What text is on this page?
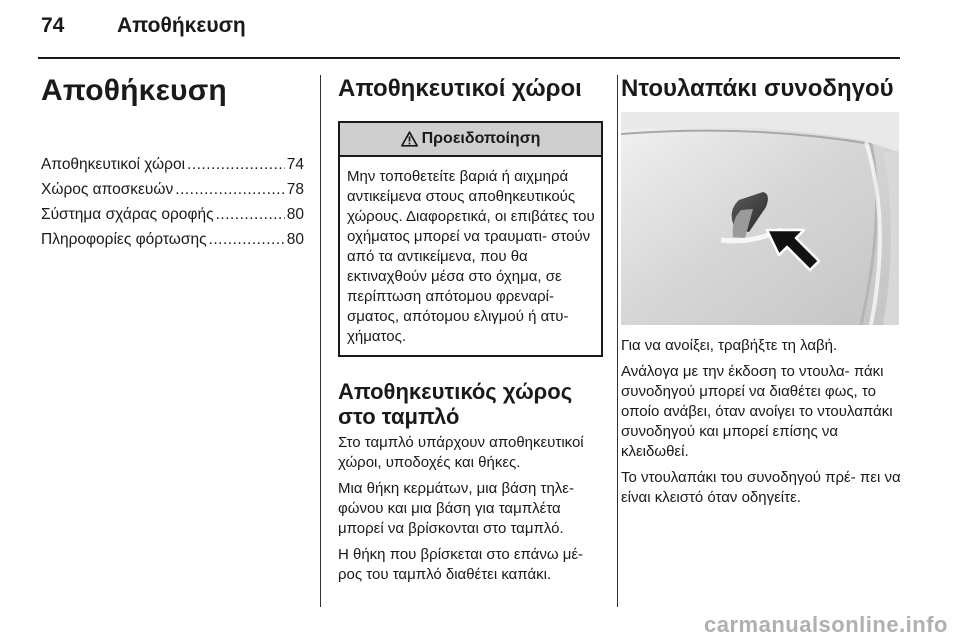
74	Αποθήκευση
Αποθήκευση
Αποθηκευτικοί χώροι .....	74
Χώρος αποσκευών .....	78
Σύστημα σχάρας οροφής .....	80
Πληροφορίες φόρτωσης .....	80
Αποθηκευτικοί χώροι
Προειδοποίηση
Μην τοποθετείτε βαριά ή αιχμηρά αντικείμενα στους αποθηκευτικούς χώρους. Διαφορετικά, οι επιβάτες του οχήματος μπορεί να τραυματι- στούν από τα αντικείμενα, που θα εκτιναχθούν μέσα στο όχημα, σε περίπτωση απότομου φρεναρί- σματος, απότομου ελιγμού ή ατυ- χήματος.
Αποθηκευτικός χώρος στο ταμπλό

Στο ταμπλό υπάρχουν αποθηκευτικοί χώροι, υποδοχές και θήκες.

Μια θήκη κερμάτων, μια βάση τηλε- φώνου και μια βάση για ταμπλέτα μπορεί να βρίσκονται στο ταμπλό.

Η θήκη που βρίσκεται στο επάνω μέ- ρος του ταμπλό διαθέτει καπάκι.

Ντουλαπάκι συνοδηγού

Για να ανοίξει, τραβήξτε τη λαβή.

Ανάλογα με την έκδοση το ντουλα- πάκι συνοδηγού μπορεί να διαθέτει φως, το οποίο ανάβει, όταν ανοίγει το ντουλαπάκι συνοδηγού και μπορεί επίσης να κλειδωθεί.

Το ντουλαπάκι του συνοδηγού πρέ- πει να είναι κλειστό όταν οδηγείτε.

carmanualsonline.info
